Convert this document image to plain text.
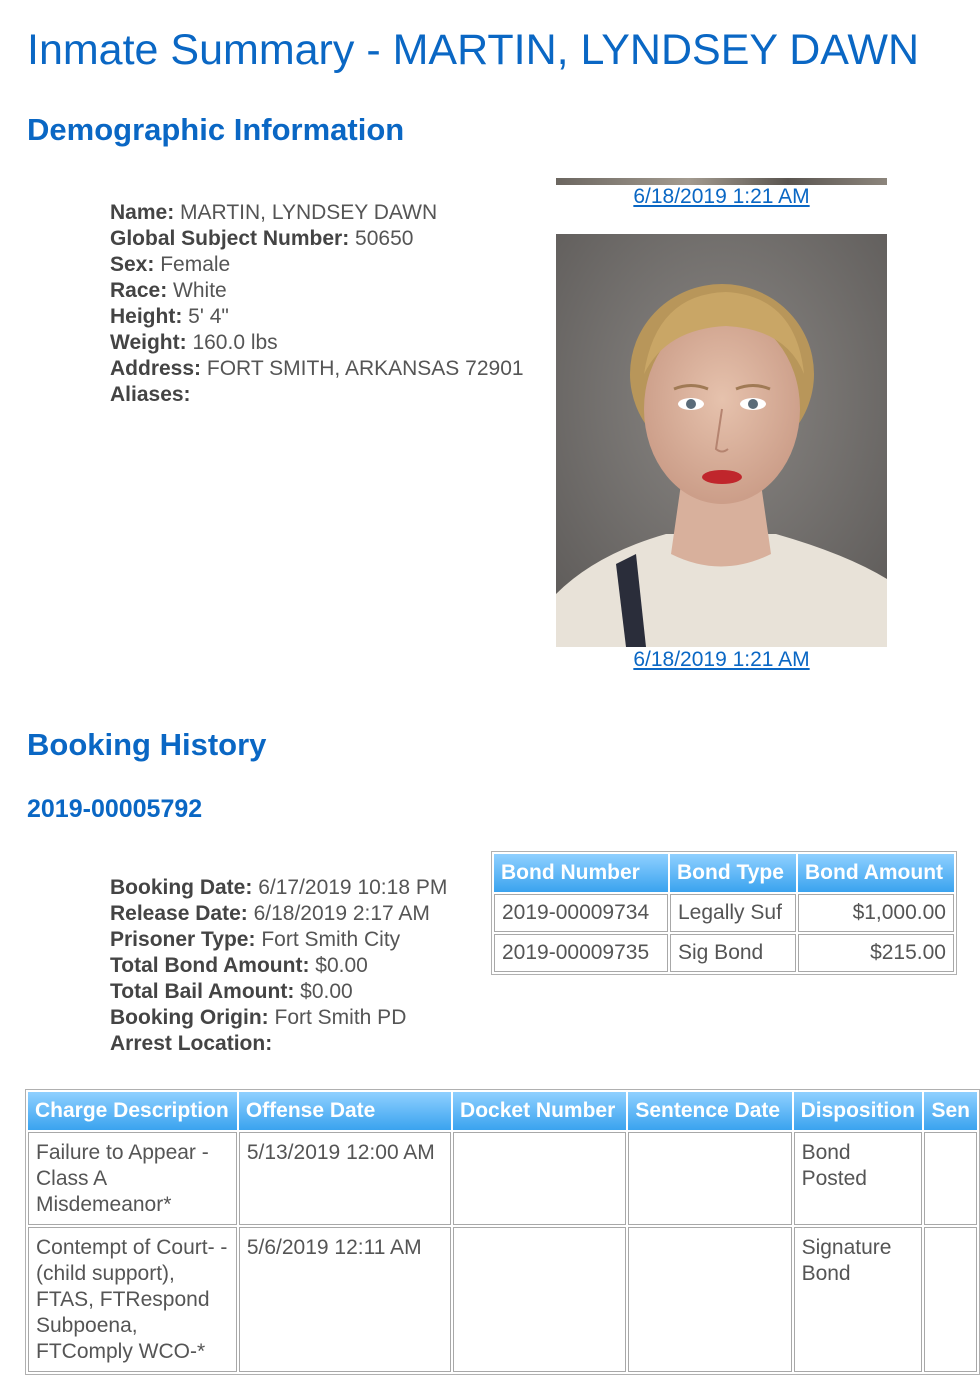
Inmate Summary - MARTIN, LYNDSEY DAWN
Demographic Information
Name: MARTIN, LYNDSEY DAWN
Global Subject Number: 50650
Sex: Female
Race: White
Height: 5' 4"
Weight: 160.0 lbs
Address: FORT SMITH, ARKANSAS 72901
Aliases:
6/18/2019 1:21 AM
6/18/2019 1:21 AM
Booking History
2019-00005792
Booking Date: 6/17/2019 10:18 PM
Release Date: 6/18/2019 2:17 AM
Prisoner Type: Fort Smith City
Total Bond Amount: $0.00
Total Bail Amount: $0.00
Booking Origin: Fort Smith PD
Arrest Location:
Bond Number	Bond Type	Bond Amount
2019-00009734	Legally Suf	$1,000.00
2019-00009735	Sig Bond	$215.00
Charge Description	Offense Date	Docket Number	Sentence Date	Disposition	Sen
Failure to Appear - Class A Misdemeanor*	5/13/2019 12:00 AM			Bond Posted	
Contempt of Court- -(child support), FTAS, FTRespond Subpoena, FTComply WCO-*	5/6/2019 12:11 AM			Signature Bond	
